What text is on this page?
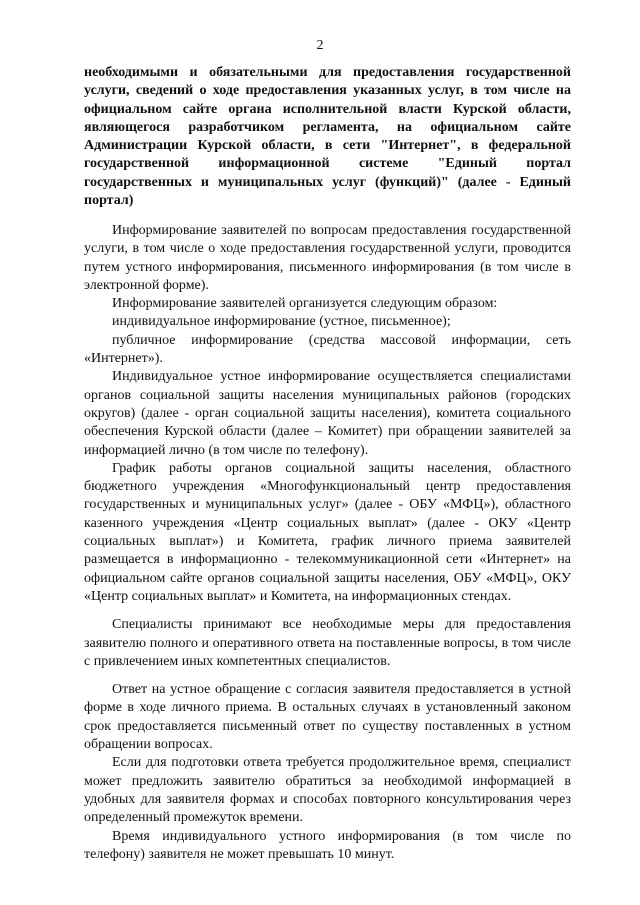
2
необходимыми и обязательными для предоставления государственной услуги, сведений о ходе предоставления указанных услуг, в том числе на официальном сайте органа исполнительной власти Курской области, являющегося разработчиком регламента, на официальном сайте Администрации Курской области, в сети "Интернет", в федеральной государственной информационной системе "Единый портал государственных и муниципальных услуг (функций)" (далее - Единый портал)

Информирование заявителей по вопросам предоставления государственной услуги, в том числе о ходе предоставления государственной услуги, проводится путем устного информирования, письменного информирования (в том числе в электронной форме).

Информирование заявителей организуется следующим образом:

индивидуальное информирование (устное, письменное);

публичное информирование (средства массовой информации, сеть «Интернет»).

Индивидуальное устное информирование осуществляется специалистами органов социальной защиты населения муниципальных районов (городских округов) (далее - орган социальной защиты населения), комитета социального обеспечения Курской области (далее – Комитет) при обращении заявителей за информацией лично (в том числе по телефону).

График работы органов социальной защиты населения, областного бюджетного учреждения «Многофункциональный центр предоставления государственных и муниципальных услуг» (далее - ОБУ «МФЦ»), областного казенного учреждения «Центр социальных выплат» (далее - ОКУ «Центр социальных выплат») и Комитета, график личного приема заявителей размещается в информационно - телекоммуникационной сети «Интернет» на официальном сайте органов социальной защиты населения, ОБУ «МФЦ», ОКУ «Центр социальных выплат» и Комитета, на информационных стендах.

Специалисты принимают все необходимые меры для предоставления заявителю полного и оперативного ответа на поставленные вопросы, в том числе с привлечением иных компетентных специалистов.

Ответ на устное обращение с согласия заявителя предоставляется в устной форме в ходе личного приема. В остальных случаях в установленный законом срок предоставляется письменный ответ по существу поставленных в устном обращении вопросах.

Если для подготовки ответа требуется продолжительное время, специалист может предложить заявителю обратиться за необходимой информацией в удобных для заявителя формах и способах повторного консультирования через определенный промежуток времени.

Время индивидуального устного информирования (в том числе по телефону) заявителя не может превышать 10 минут.
